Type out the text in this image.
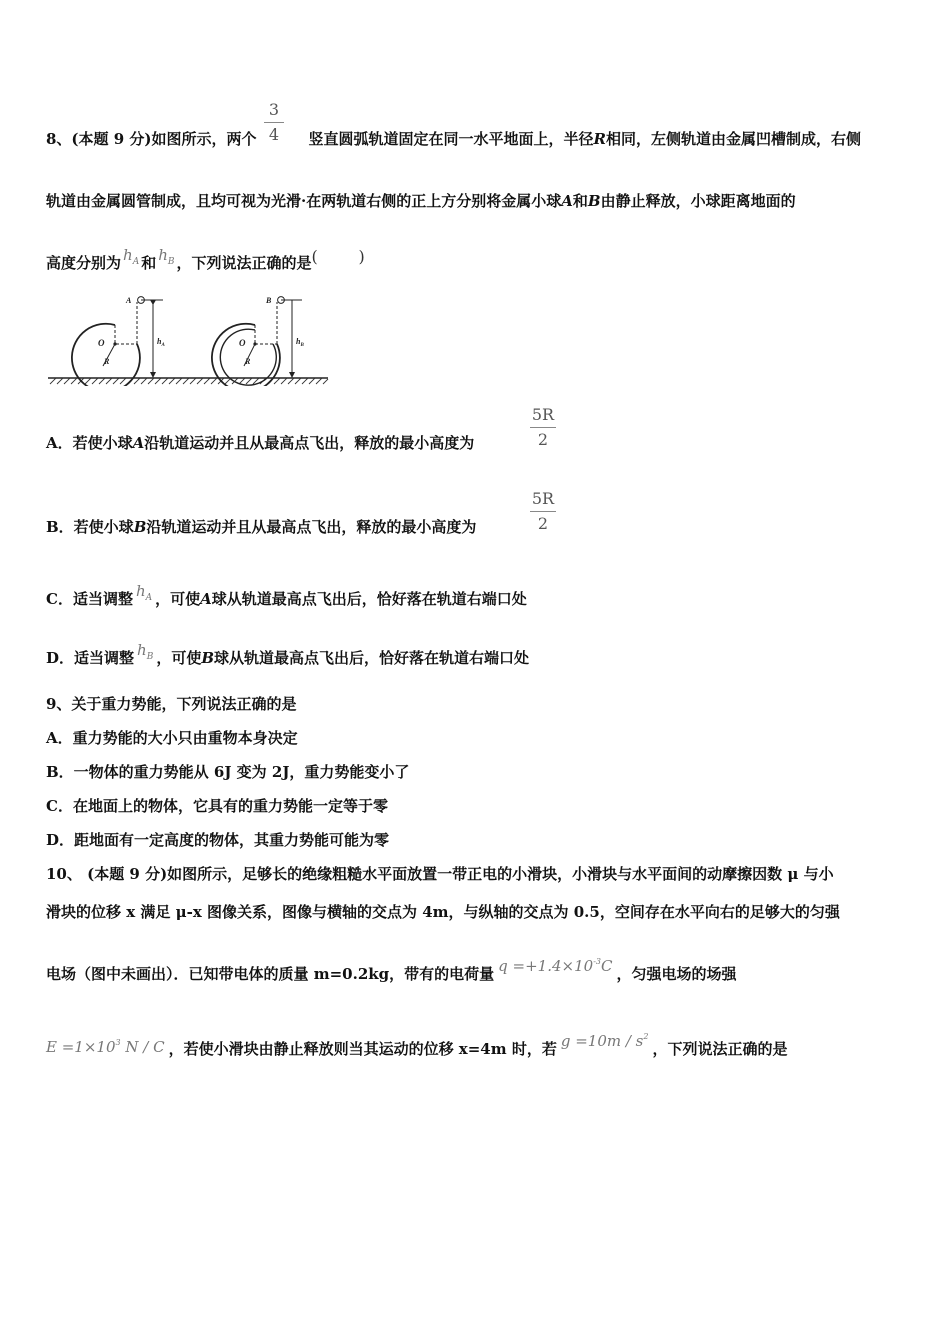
3
4
8、(本题 9 分)如图所示，两个	竖直圆弧轨道固定在同一水平地面上，半径R相同，左侧轨道由金属凹槽制成，右侧
轨道由金属圆管制成，且均可视为光滑·在两轨道右侧的正上方分别将金属小球A和B由静止释放，小球距离地面的
高度分别为 $h_A$ 和 $h_B$ ，下列说法正确的是(        )
O
R
A
$h_A$	O
R
B
$h_B$
A．若使小球A沿轨道运动并且从最高点飞出，释放的最小高度为
5R
2
B．若使小球B沿轨道运动并且从最高点飞出，释放的最小高度为
5R
2
C．适当调整 $h_A$ ，可使A球从轨道最高点飞出后，恰好落在轨道右端口处
D．适当调整 $h_B$ ，可使B球从轨道最高点飞出后，恰好落在轨道右端口处
9、关于重力势能，下列说法正确的是
A．重力势能的大小只由重物本身决定
B．一物体的重力势能从 6J 变为 2J，重力势能变小了
C．在地面上的物体，它具有的重力势能一定等于零
D．距地面有一定高度的物体，其重力势能可能为零
10、 (本题 9 分)如图所示，足够长的绝缘粗糙水平面放置一带正电的小滑块，小滑块与水平面间的动摩擦因数 μ 与小
滑块的位移 x 满足 μ-x 图像关系，图像与横轴的交点为 4m，与纵轴的交点为 0.5，空间存在水平向右的足够大的匀强
电场（图中未画出）．已知带电体的质量 m=0.2kg，带有的电荷量 $q =+1.4\times 10^{-3}C$ ，匀强电场的场强
$E =1\times 10^3$ N / C ，若使小滑块由静止释放则当其运动的位移 x=4m 时，若 $g =10m / s^2$，下列说法正确的是
